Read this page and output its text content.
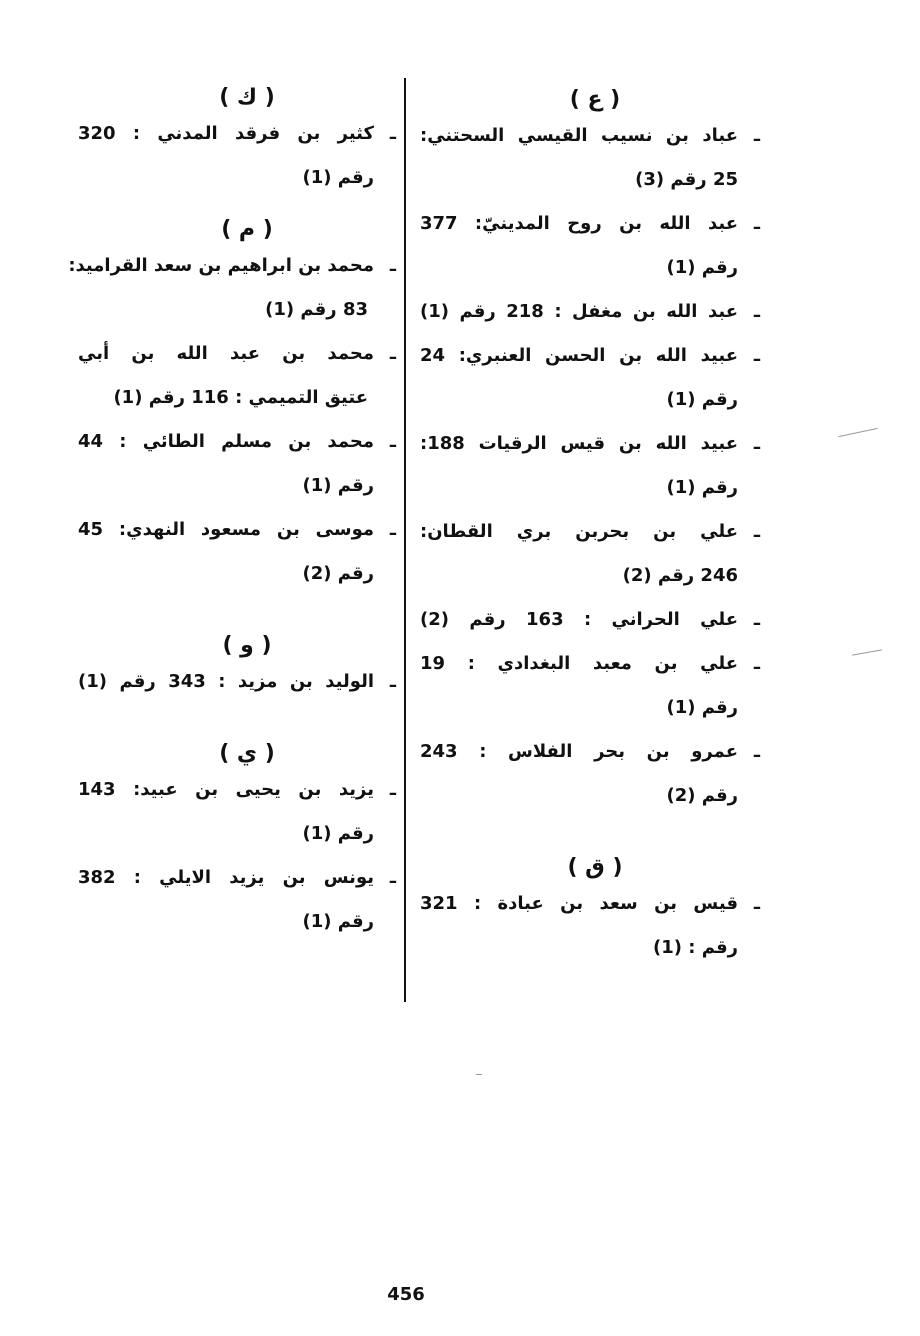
( ع )
ـ
عباد بن نسيب القيسي السحتني:
25 رقم (3)
ـ
عبد الله بن روح المدينيّ: 377
رقم (1)
ـ
عبد الله بن مغفل : 218 رقم (1)
ـ
عبيد الله بن الحسن العنبري: 24
رقم (1)
ـ
عبيد الله بن قيس الرقيات 188:
رقم (1)
ـ
علي بن بحربن بري القطان:
246 رقم (2)
ـ
علي الحراني : 163 رقم (2)
ـ
علي بن معبد البغدادي : 19
رقم (1)
ـ
عمرو بن بحر الفلاس : 243
رقم (2)
( ق )
ـ
قيس بن سعد بن عبادة : 321
رقم : (1)
( ك )
ـ
كثير بن فرقد المدني : 320
رقم (1)
( م )
ـ
محمد بن ابراهيم بن سعد القراميد:
83 رقم (1)
ـ
محمد بن عبد الله بن أبي
عتيق التميمي : 116 رقم (1)
ـ
محمد بن مسلم الطائي : 44
رقم (1)
ـ
موسى بن مسعود النهدي: 45
رقم (2)
( و )
ـ
الوليد بن مزيد : 343 رقم (1)
( ي )
ـ
يزيد بن يحيى بن عبيد: 143
رقم (1)
ـ
يونس بن يزيد الايلي : 382
رقم (1)
456
